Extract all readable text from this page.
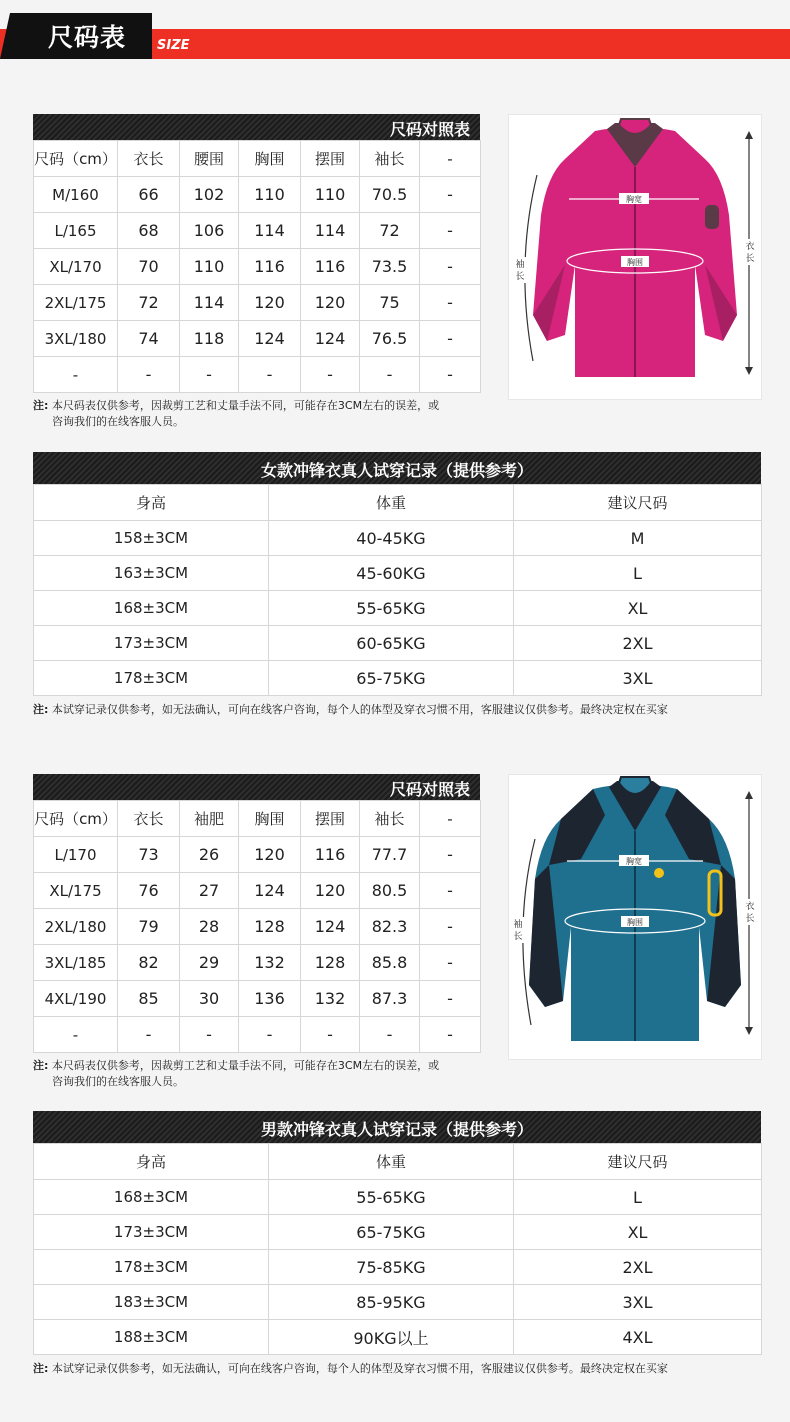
尺码表 SIZE
尺码对照表
尺码（cm）	衣长	腰围	胸围	摆围	袖长	-
M/160	66	102	110	110	70.5	-
L/165	68	106	114	114	72	-
XL/170	70	110	116	116	73.5	-
2XL/175	72	114	120	120	75	-
3XL/180	74	118	124	124	76.5	-
-	-	-	-	-	-	-
注: 本尺码表仅供参考，因裁剪工艺和丈量手法不同，可能存在3CM左右的误差，或
咨询我们的在线客服人员。
胸宽
胸围
袖
长
衣
长
女款冲锋衣真人试穿记录（提供参考）
身高	体重	建议尺码
158±3CM	40-45KG	M
163±3CM	45-60KG	L
168±3CM	55-65KG	XL
173±3CM	60-65KG	2XL
178±3CM	65-75KG	3XL
注: 本试穿记录仅供参考，如无法确认，可向在线客户咨询，每个人的体型及穿衣习惯不用，客服建议仅供参考。最终决定权在买家
尺码对照表
尺码（cm）	衣长	袖肥	胸围	摆围	袖长	-
L/170	73	26	120	116	77.7	-
XL/175	76	27	124	120	80.5	-
2XL/180	79	28	128	124	82.3	-
3XL/185	82	29	132	128	85.8	-
4XL/190	85	30	136	132	87.3	-
-	-	-	-	-	-	-
注: 本尺码表仅供参考，因裁剪工艺和丈量手法不同，可能存在3CM左右的误差，或
咨询我们的在线客服人员。
胸宽
胸围
袖
长
衣
长
男款冲锋衣真人试穿记录（提供参考）
身高	体重	建议尺码
168±3CM	55-65KG	L
173±3CM	65-75KG	XL
178±3CM	75-85KG	2XL
183±3CM	85-95KG	3XL
188±3CM	90KG以上	4XL
注: 本试穿记录仅供参考，如无法确认，可向在线客户咨询，每个人的体型及穿衣习惯不用，客服建议仅供参考。最终决定权在买家
